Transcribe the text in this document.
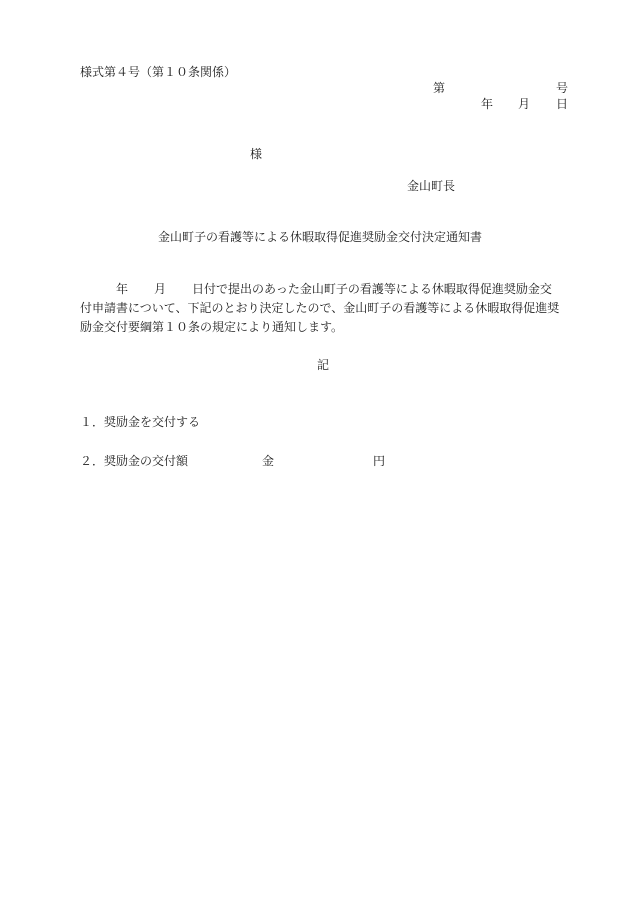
様式第４号（第１０条関係）

第	号

年 月 日

様

金山町長

金山町子の看護等による休暇取得促進奨励金交付決定通知書

年 月 日付で提出のあった金山町子の看護等による休暇取得促進奨励金交
付申請書について、下記のとおり決定したので、金山町子の看護等による休暇取得促進奨
励金交付要綱第１０条の規定により通知します。

記

１． 奨励金を交付する

２． 奨励金の交付額	金	円
